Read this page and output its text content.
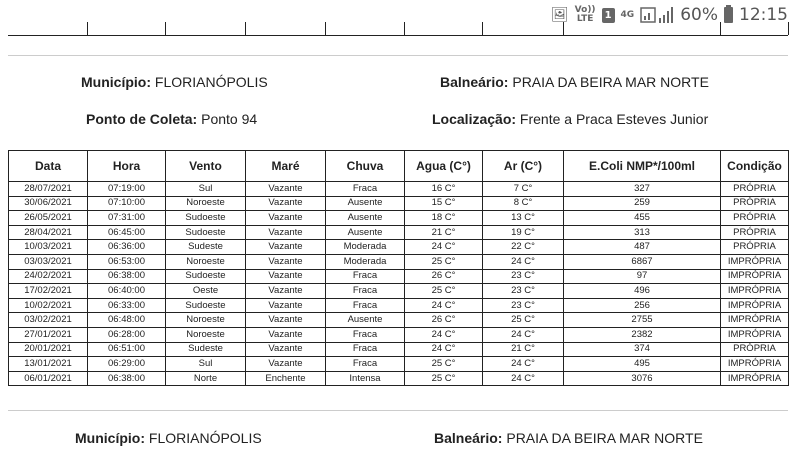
🖼 Vo))
LTE	1	4G	60% 12:15
Município: FLORIANÓPOLIS	Balneário: PRAIA DA BEIRA MAR NORTE
Ponto de Coleta: Ponto 94	Localização: Frente a Praca Esteves Junior
Data	Hora	Vento	Maré	Chuva	Agua (C°)	Ar (C°)	E.Coli NMP*/100ml	Condição
28/07/2021	07:19:00	Sul	Vazante	Fraca	16 C°	7 C°	327	PRÓPRIA
30/06/2021	07:10:00	Noroeste	Vazante	Ausente	15 C°	8 C°	259	PRÓPRIA
26/05/2021	07:31:00	Sudoeste	Vazante	Ausente	18 C°	13 C°	455	PRÓPRIA
28/04/2021	06:45:00	Sudoeste	Vazante	Ausente	21 C°	19 C°	313	PRÓPRIA
10/03/2021	06:36:00	Sudeste	Vazante	Moderada	24 C°	22 C°	487	PRÓPRIA
03/03/2021	06:53:00	Noroeste	Vazante	Moderada	25 C°	24 C°	6867	IMPRÓPRIA
24/02/2021	06:38:00	Sudoeste	Vazante	Fraca	26 C°	23 C°	97	IMPRÓPRIA
17/02/2021	06:40:00	Oeste	Vazante	Fraca	25 C°	23 C°	496	IMPRÓPRIA
10/02/2021	06:33:00	Sudoeste	Vazante	Fraca	24 C°	23 C°	256	IMPRÓPRIA
03/02/2021	06:48:00	Noroeste	Vazante	Ausente	26 C°	25 C°	2755	IMPRÓPRIA
27/01/2021	06:28:00	Noroeste	Vazante	Fraca	24 C°	24 C°	2382	IMPRÓPRIA
20/01/2021	06:51:00	Sudeste	Vazante	Fraca	24 C°	21 C°	374	PRÓPRIA
13/01/2021	06:29:00	Sul	Vazante	Fraca	25 C°	24 C°	495	IMPRÓPRIA
06/01/2021	06:38:00	Norte	Enchente	Intensa	25 C°	24 C°	3076	IMPRÓPRIA
Município: FLORIANÓPOLIS	Balneário: PRAIA DA BEIRA MAR NORTE
